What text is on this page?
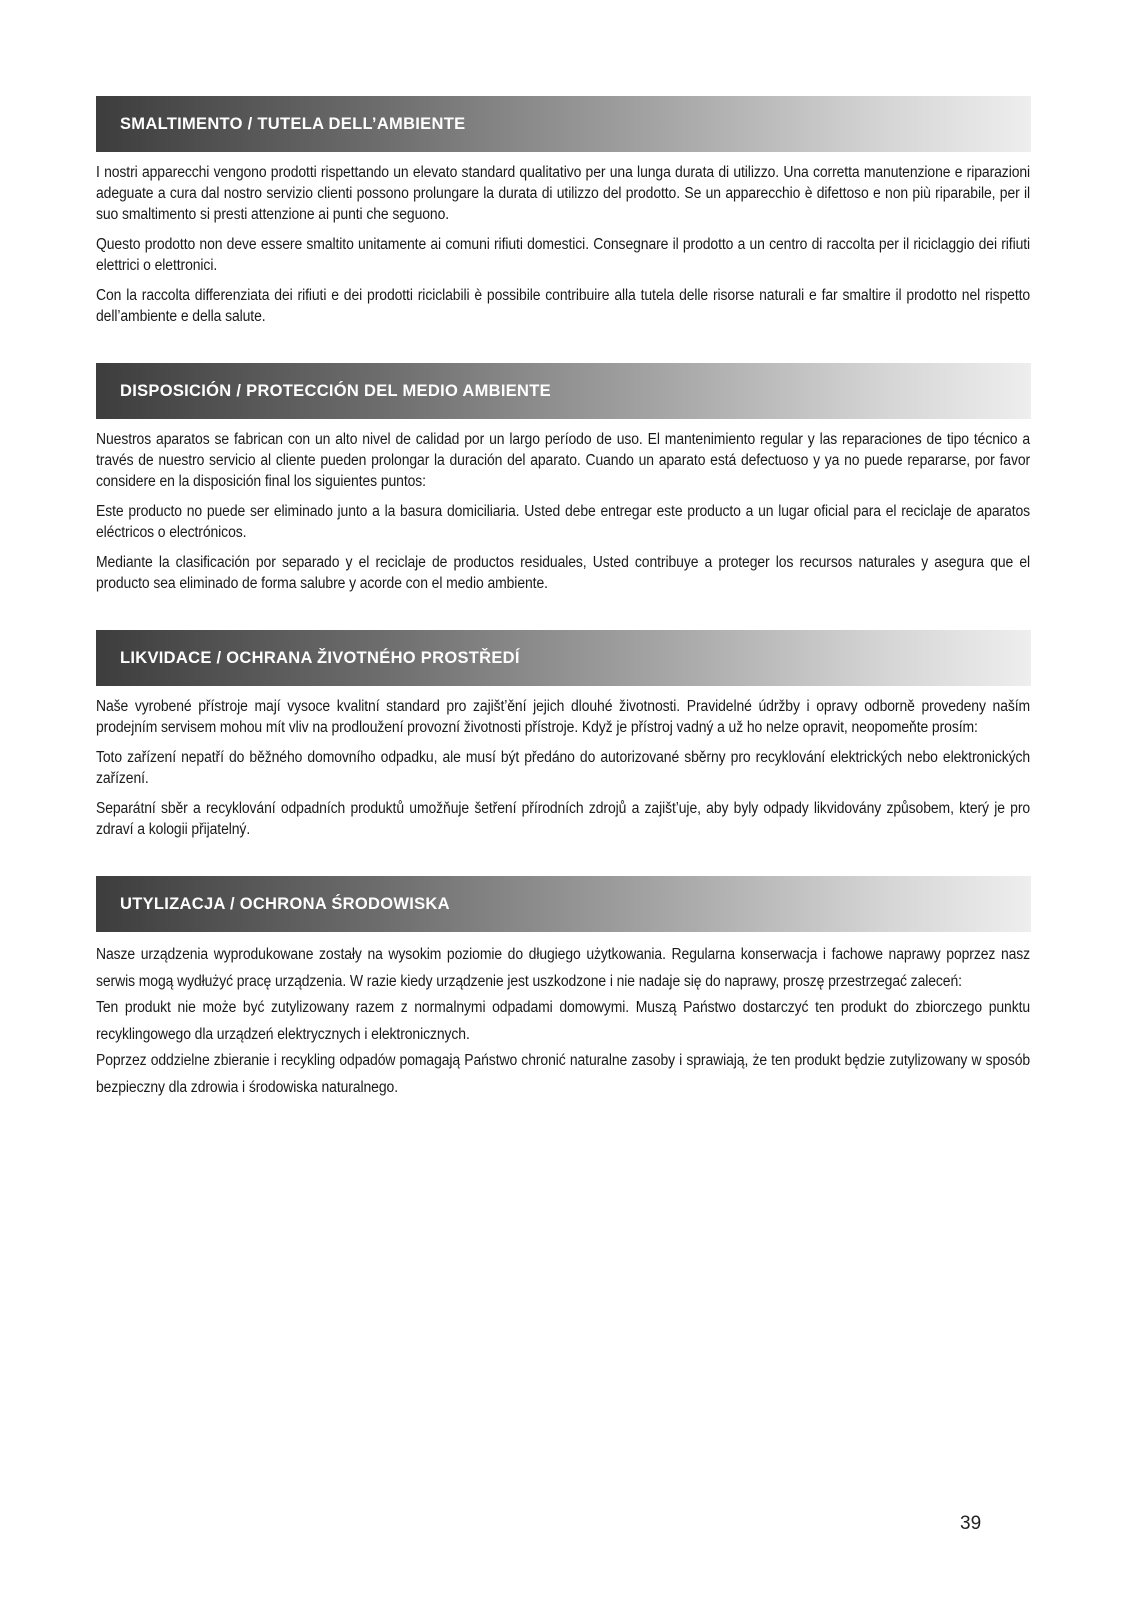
SMALTIMENTO / TUTELA DELL’AMBIENTE

I nostri apparecchi vengono prodotti rispettando un elevato standard qualitativo per una lunga durata di utilizzo. Una corretta manutenzione e riparazioni adeguate a cura dal nostro servizio clienti possono prolungare la durata di utilizzo del prodotto. Se un apparecchio è difettoso e non più riparabile, per il suo smaltimento si presti attenzione ai punti che seguono.

Questo prodotto non deve essere smaltito unitamente ai comuni rifiuti domestici. Consegnare il prodotto a un centro di raccolta per il riciclaggio dei rifiuti elettrici o elettronici.

Con la raccolta differenziata dei rifiuti e dei prodotti riciclabili è possibile contribuire alla tutela delle risorse naturali e far smaltire il prodotto nel rispetto dell’ambiente e della salute.

DISPOSICIÓN / PROTECCIÓN DEL MEDIO AMBIENTE

Nuestros aparatos se fabrican con un alto nivel de calidad por un largo período de uso. El mantenimiento regular y las reparaciones de tipo técnico a través de nuestro servicio al cliente pueden prolongar la duración del aparato. Cuando un aparato está defectuoso y ya no puede repararse, por favor considere en la disposición final los siguientes puntos:

Este producto no puede ser eliminado junto a la basura domiciliaria. Usted debe entregar este producto a un lugar oficial para el reciclaje de aparatos eléctricos o electrónicos.

Mediante la clasificación por separado y el reciclaje de productos residuales, Usted contribuye a proteger los recursos naturales y asegura que el producto sea eliminado de forma salubre y acorde con el medio ambiente.

LIKVIDACE / OCHRANA ŽIVOTNÉHO PROSTŘEDÍ

Naše vyrobené přístroje mají vysoce kvalitní standard pro zajišt’ění jejich dlouhé životnosti. Pravidelné údržby i opravy odborně provedeny naším prodejním servisem mohou mít vliv na prodloužení provozní životnosti přístroje. Když je přístroj vadný a už ho nelze opravit, neopomeňte prosím:

Toto zařízení nepatří do běžného domovního odpadku, ale musí být předáno do autorizované sběrny pro recyklování elektrických nebo elektronických zařízení.

Separátní sběr a recyklování odpadních produktů umožňuje šetření přírodních zdrojů a zajišt’uje, aby byly odpady likvidovány způsobem, který je pro zdraví a kologii přijatelný.

UTYLIZACJA / OCHRONA ŚRODOWISKA

Nasze urządzenia wyprodukowane zostały na wysokim poziomie do długiego użytkowania. Regularna konserwacja i fachowe naprawy poprzez nasz serwis mogą wydłużyć pracę urządzenia. W razie kiedy urządzenie jest uszkodzone i nie nadaje się do naprawy, proszę przestrzegać zaleceń:

Ten produkt nie może być zutylizowany razem z normalnymi odpadami domowymi. Muszą Państwo dostarczyć ten produkt do zbiorczego punktu recyklingowego dla urządzeń elektrycznych i elektronicznych.

Poprzez oddzielne zbieranie i recykling odpadów pomagają Państwo chronić naturalne zasoby i sprawiają, że ten produkt będzie zutylizowany w sposób bezpieczny dla zdrowia i środowiska naturalnego.

39
